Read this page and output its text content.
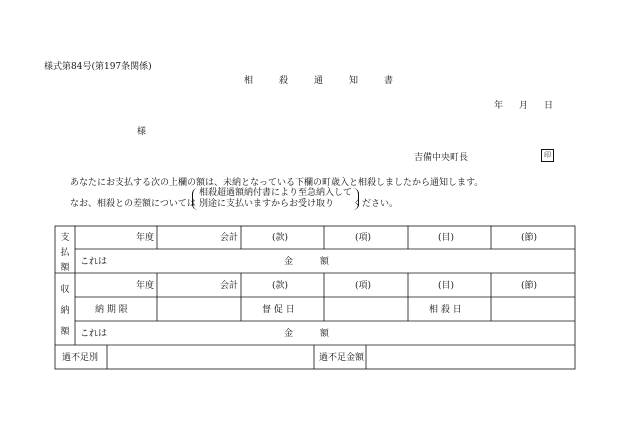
様式第84号(第197条関係)
相殺通知書
年 月 日
様
吉備中央町長	印
あなたにお支払する次の上欄の額は、未納となっている下欄の町歳入と相殺しましたから通知します。
なお、相殺との差額については
相殺超過額納付書により至急納入して
別途に支払いますからお受け取り	ください。
支
払
額
年度	会計	(款)	(項)	(目)	(節)
これは	金 額
収
納
額
年度	会計	(款)	(項)	(目)	(節)
納 期 限	督 促 日	相 殺 日
これは	金 額
過不足別	過不足金額
